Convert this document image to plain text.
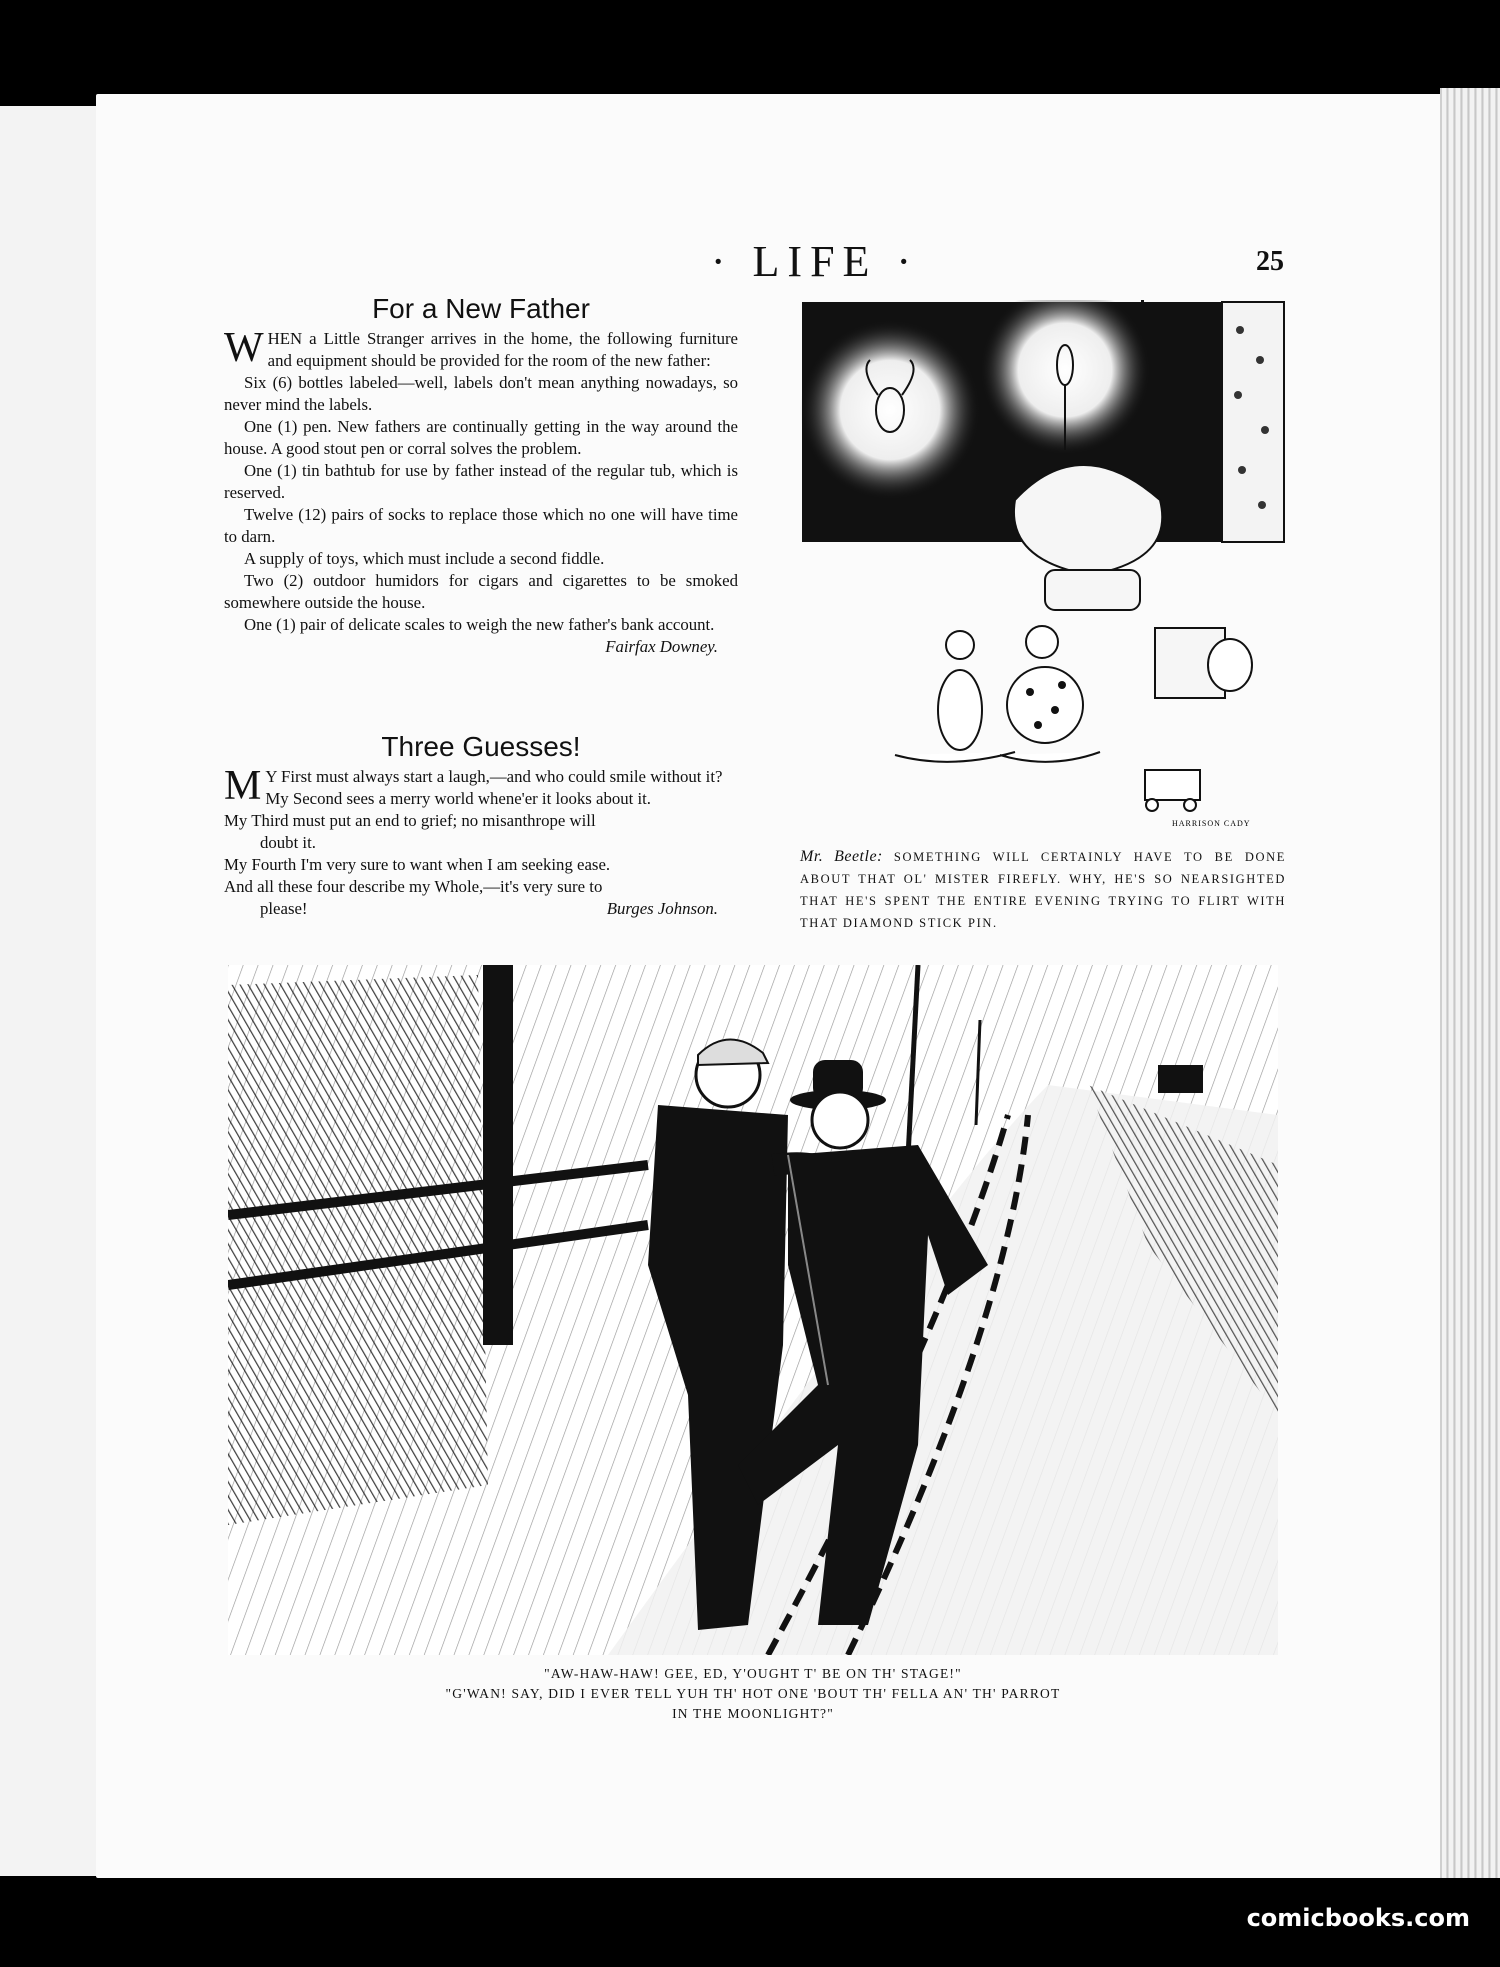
· LIFE ·	25
For a New Father

WHEN a Little Stranger arrives in the home, the following furniture and equipment should be provided for the room of the new father:

Six (6) bottles labeled—well, labels don't mean anything nowadays, so never mind the labels.

One (1) pen. New fathers are continually getting in the way around the house. A good stout pen or corral solves the problem.

One (1) tin bathtub for use by father instead of the regular tub, which is reserved.

Twelve (12) pairs of socks to replace those which no one will have time to darn.

A supply of toys, which must include a second fiddle.

Two (2) outdoor humidors for cigars and cigarettes to be smoked somewhere outside the house.

One (1) pair of delicate scales to weigh the new father's bank account.
Fairfax Downey.

Three Guesses!

M Y First must always start a laugh,—and who could smile without it?

My Second sees a merry world whene'er it looks about it.

My Third must put an end to grief; no misanthrope will

doubt it.

My Fourth I'm very sure to want when I am seeking ease.

And all these four describe my Whole,—it's very sure to

please!	Burges Johnson.

HARRISON CADY
Mr. Beetle: SOMETHING WILL CERTAINLY HAVE TO BE DONE ABOUT THAT OL' MISTER FIREFLY. WHY, HE'S SO NEARSIGHTED THAT HE'S SPENT THE ENTIRE EVENING TRYING TO FLIRT WITH THAT DIAMOND STICK PIN.
"AW-HAW-HAW! GEE, ED, Y'OUGHT T' BE ON TH' STAGE!"
"G'WAN! SAY, DID I EVER TELL YUH TH' HOT ONE 'BOUT TH' FELLA AN' TH' PARROT
IN THE MOONLIGHT?"
comicbooks.com
